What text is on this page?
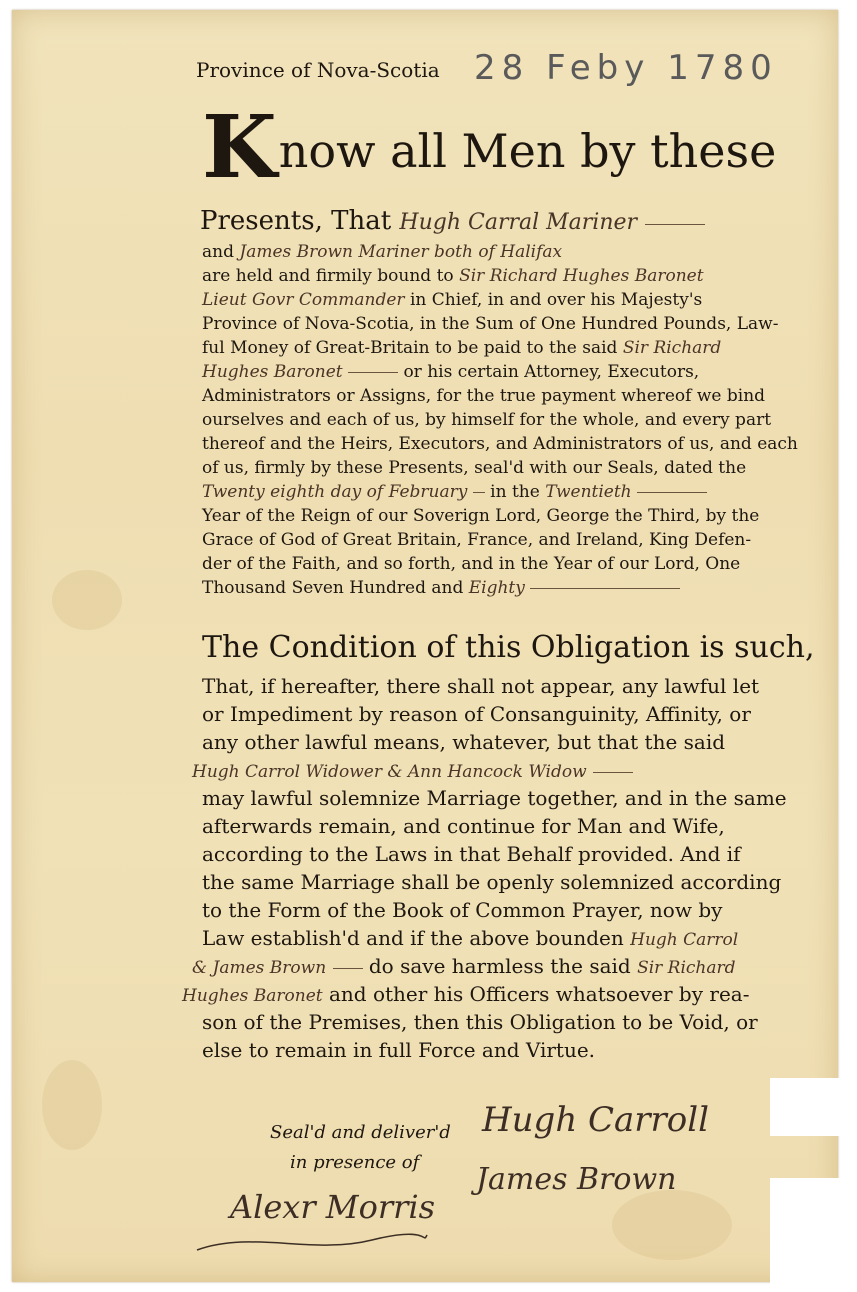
Province of Nova-Scotia 28 Feby 1780
Know all Men by these
Presents, That Hugh Carral Mariner
and James Brown Mariner both of Halifax
are held and firmily bound to Sir Richard Hughes Baronet
Lieut Govr Commander in Chief, in and over his Majesty's
Province of Nova-Scotia, in the Sum of One Hundred Pounds, Law-
ful Money of Great-Britain to be paid to the said Sir Richard
Hughes Baronet	or his certain Attorney, Executors,
Administrators or Assigns, for the true payment whereof we bind
ourselves and each of us, by himself for the whole, and every part
thereof and the Heirs, Executors, and Administrators of us, and each
of us, firmly by these Presents, seal'd with our Seals, dated the
Twenty eighth day of February in the Twentieth
Year of the Reign of our Soverign Lord, George the Third, by the
Grace of God of Great Britain, France, and Ireland, King Defen-
der of the Faith, and so forth, and in the Year of our Lord, One
Thousand Seven Hundred and Eighty
The Condition of this Obligation is such,
That, if hereafter, there shall not appear, any lawful let
or Impediment by reason of Consanguinity, Affinity, or
any other lawful means, whatever, but that the said
Hugh Carrol Widower & Ann Hancock Widow
may lawful solemnize Marriage together, and in the same
afterwards remain, and continue for Man and Wife,
according to the Laws in that Behalf provided. And if
the same Marriage shall be openly solemnized according
to the Form of the Book of Common Prayer, now by
Law establish'd and if the above bounden Hugh Carrol
& James Brown do save harmless the said Sir Richard
Hughes Baronet and other his Officers whatsoever by rea-
son of the Premises, then this Obligation to be Void, or
else to remain in full Force and Virtue.
Seal'd and deliver'd
in presence of
Hugh Carroll
James Brown
Alexr Morris
